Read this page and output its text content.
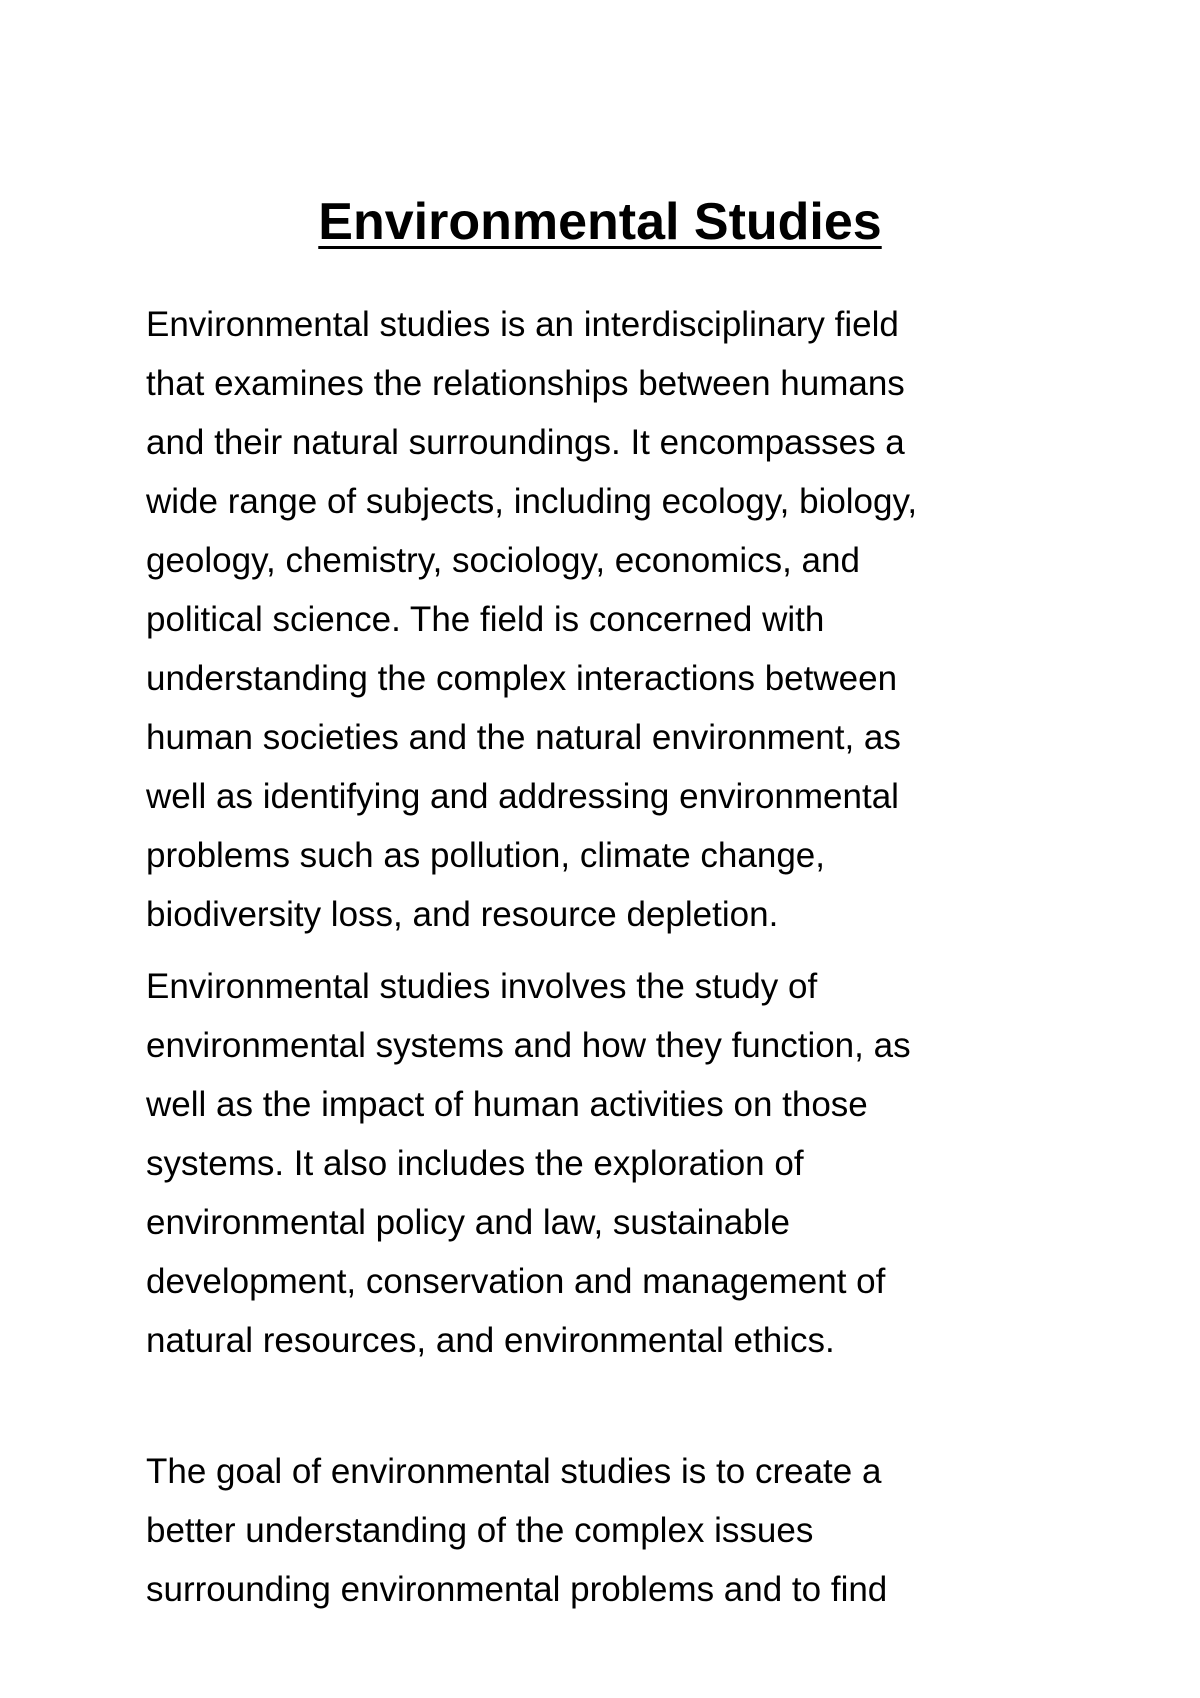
Environmental Studies
Environmental studies is an interdisciplinary field
that examines the relationships between humans
and their natural surroundings. It encompasses a
wide range of subjects, including ecology, biology,
geology, chemistry, sociology, economics, and
political science. The field is concerned with
understanding the complex interactions between
human societies and the natural environment, as
well as identifying and addressing environmental
problems such as pollution, climate change,
biodiversity loss, and resource depletion.
Environmental studies involves the study of
environmental systems and how they function, as
well as the impact of human activities on those
systems. It also includes the exploration of
environmental policy and law, sustainable
development, conservation and management of
natural resources, and environmental ethics.
The goal of environmental studies is to create a
better understanding of the complex issues
surrounding environmental problems and to find
